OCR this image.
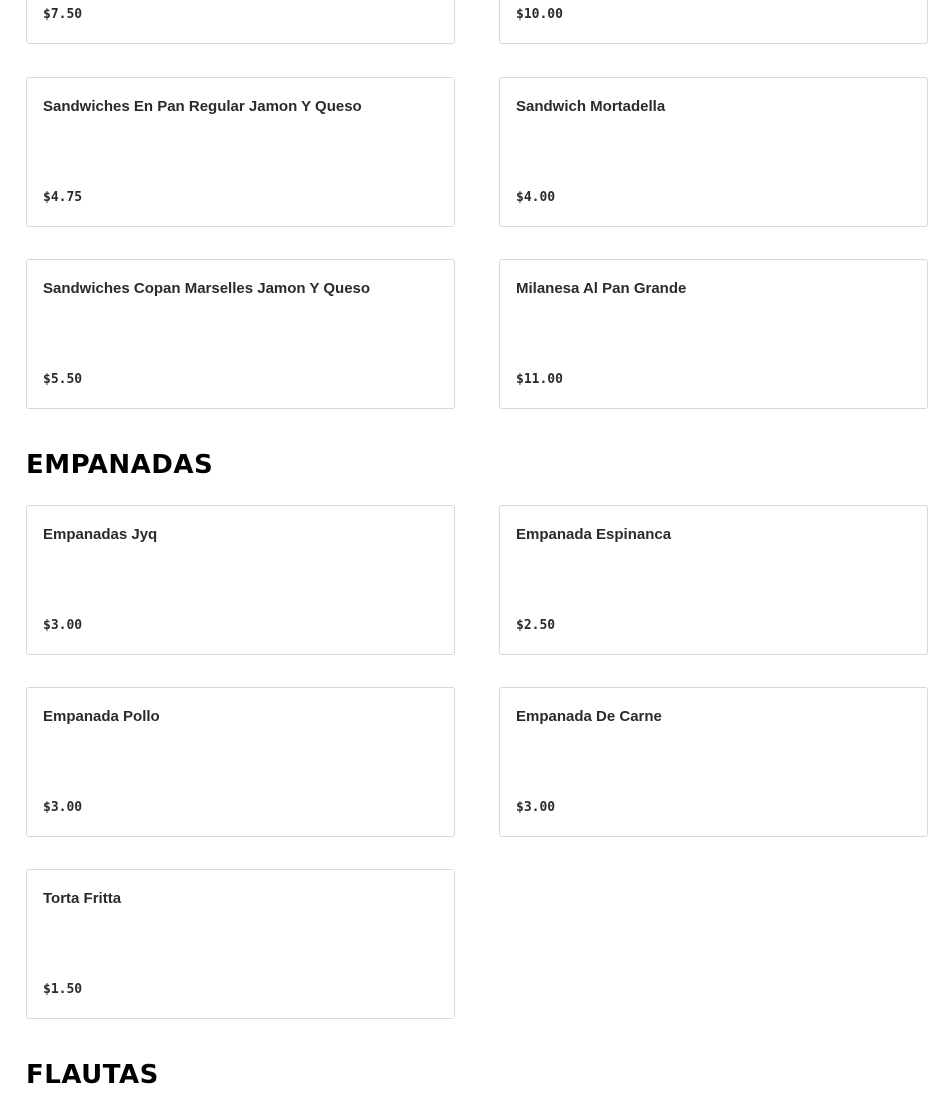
$7.50	$10.00
Sandwiches En Pan Regular Jamon Y Queso
$4.75
Sandwich Mortadella
$4.00
Sandwiches Copan Marselles Jamon Y Queso
$5.50
Milanesa Al Pan Grande
$11.00
EMPANADAS
Empanadas Jyq
$3.00
Empanada Espinanca
$2.50
Empanada Pollo
$3.00
Empanada De Carne
$3.00
Torta Fritta
$1.50
FLAUTAS
